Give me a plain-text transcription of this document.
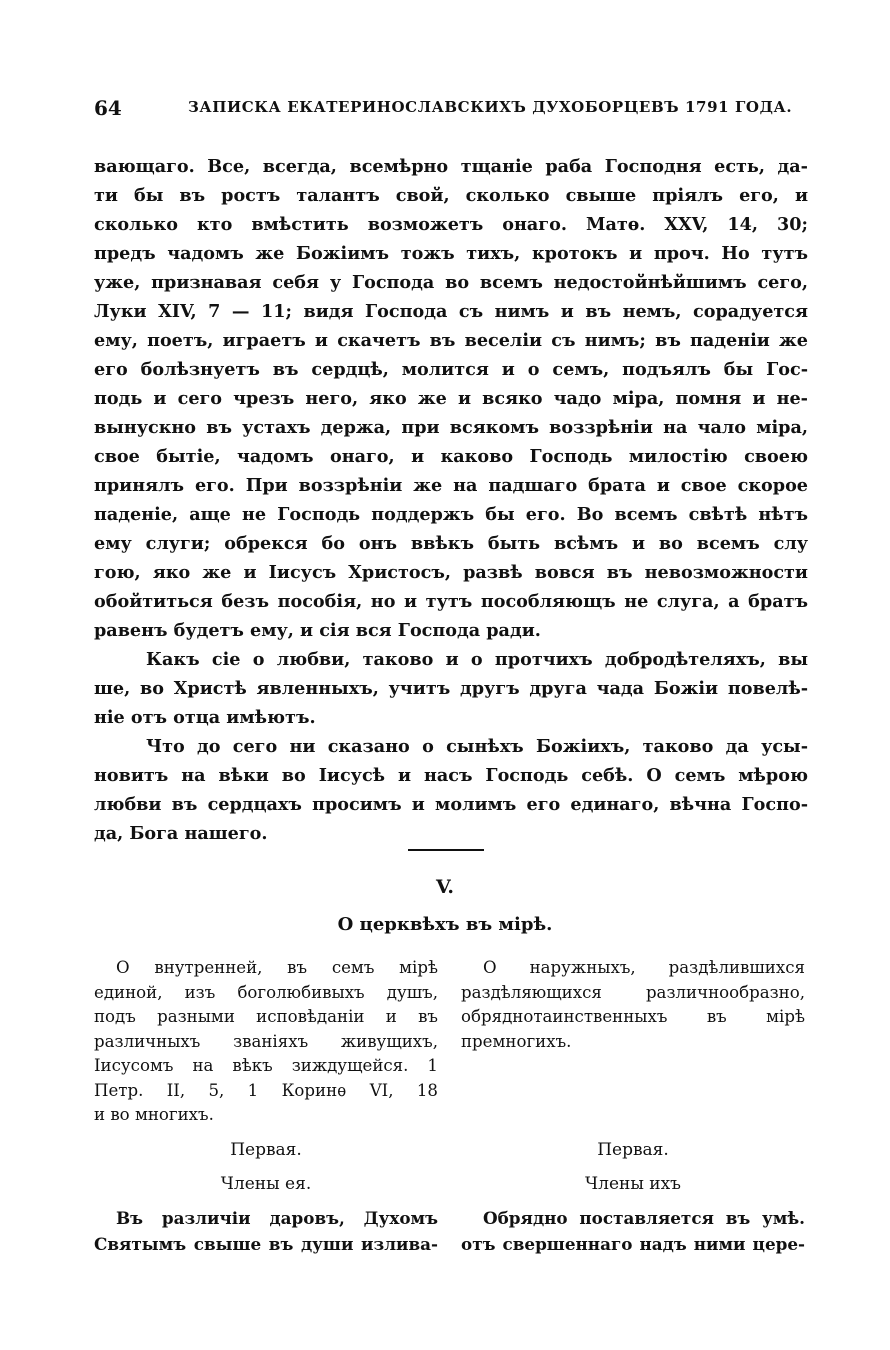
64	ЗАПИСКА ЕКАТЕРИНОСЛАВСКИХЪ ДУХОБОРЦЕВЪ 1791 ГОДА.
вающаго. Все, всегда, всемѣрно тщаніе раба Господня есть, да-
ти бы въ ростъ талантъ свой, сколько свыше пріялъ его, и
сколько кто вмѣстить возможетъ онаго. Матѳ. XXV, 14, 30;
предъ чадомъ же Божіимъ тожъ тихъ, кротокъ и проч. Но тутъ
уже, признавая себя у Господа во всемъ недостойнѣйшимъ сего,
Луки XIV, 7 — 11; видя Господа съ нимъ и въ немъ, сорадуется
ему, поетъ, играетъ и скачетъ въ веселіи съ нимъ; въ паденіи же
его болѣзнуетъ въ сердцѣ, молится и о семъ, подъялъ бы Гос-
подь и сего чрезъ него, яко же и всяко чадо міра, помня и не-
вынускно въ устахъ держа, при всякомъ воззрѣніи на чало міра,
свое бытіе, чадомъ онаго, и каково Господь милостію своею
принялъ его. При воззрѣніи же на падшаго брата и свое скорое
паденіе, аще не Господь поддержъ бы его. Во всемъ свѣтѣ нѣтъ
ему слуги; обрекся бо онъ ввѣкъ быть всѣмъ и во всемъ слу
гою, яко же и Іисусъ Христосъ, развѣ вовся въ невозможности
обойтиться безъ пособія, но и тутъ пособляющъ не слуга, а братъ
равенъ будетъ ему, и сія вся Господа ради.
Какъ сіе о любви, таково и о протчихъ добродѣтеляхъ, вы
ше, во Христѣ явленныхъ, учитъ другъ друга чада Божіи повелѣ-
ніе отъ отца имѣютъ.
Что до сего ни сказано о сынѣхъ Божіихъ, таково да усы-
новитъ на вѣки во Іисусѣ и насъ Господь себѣ. О семъ мѣрою
любви въ сердцахъ просимъ и молимъ его единаго, вѣчна Госпо-
да, Бога нашего.
V.
О церквѣхъ въ мірѣ.
О внутренней, въ семъ мірѣ
единой, изъ боголюбивыхъ душъ,
подъ разными исповѣданіи и въ
различныхъ званіяхъ живущихъ,
Іисусомъ на вѣкъ зиждущейся. 1
Петр. II, 5, 1 Коринѳ VI, 18
и во многихъ.
О наружныхъ, раздѣлившихся
раздѣляющихся различнообразно,
обряднотаинственныхъ въ мірѣ
премногихъ.
Первая.	Первая.
Члены ея.	Члены ихъ
Въ различіи даровъ, Духомъ
Святымъ свыше въ души излива-
Обрядно поставляется въ умѣ.
отъ свершеннаго надъ ними цере-
